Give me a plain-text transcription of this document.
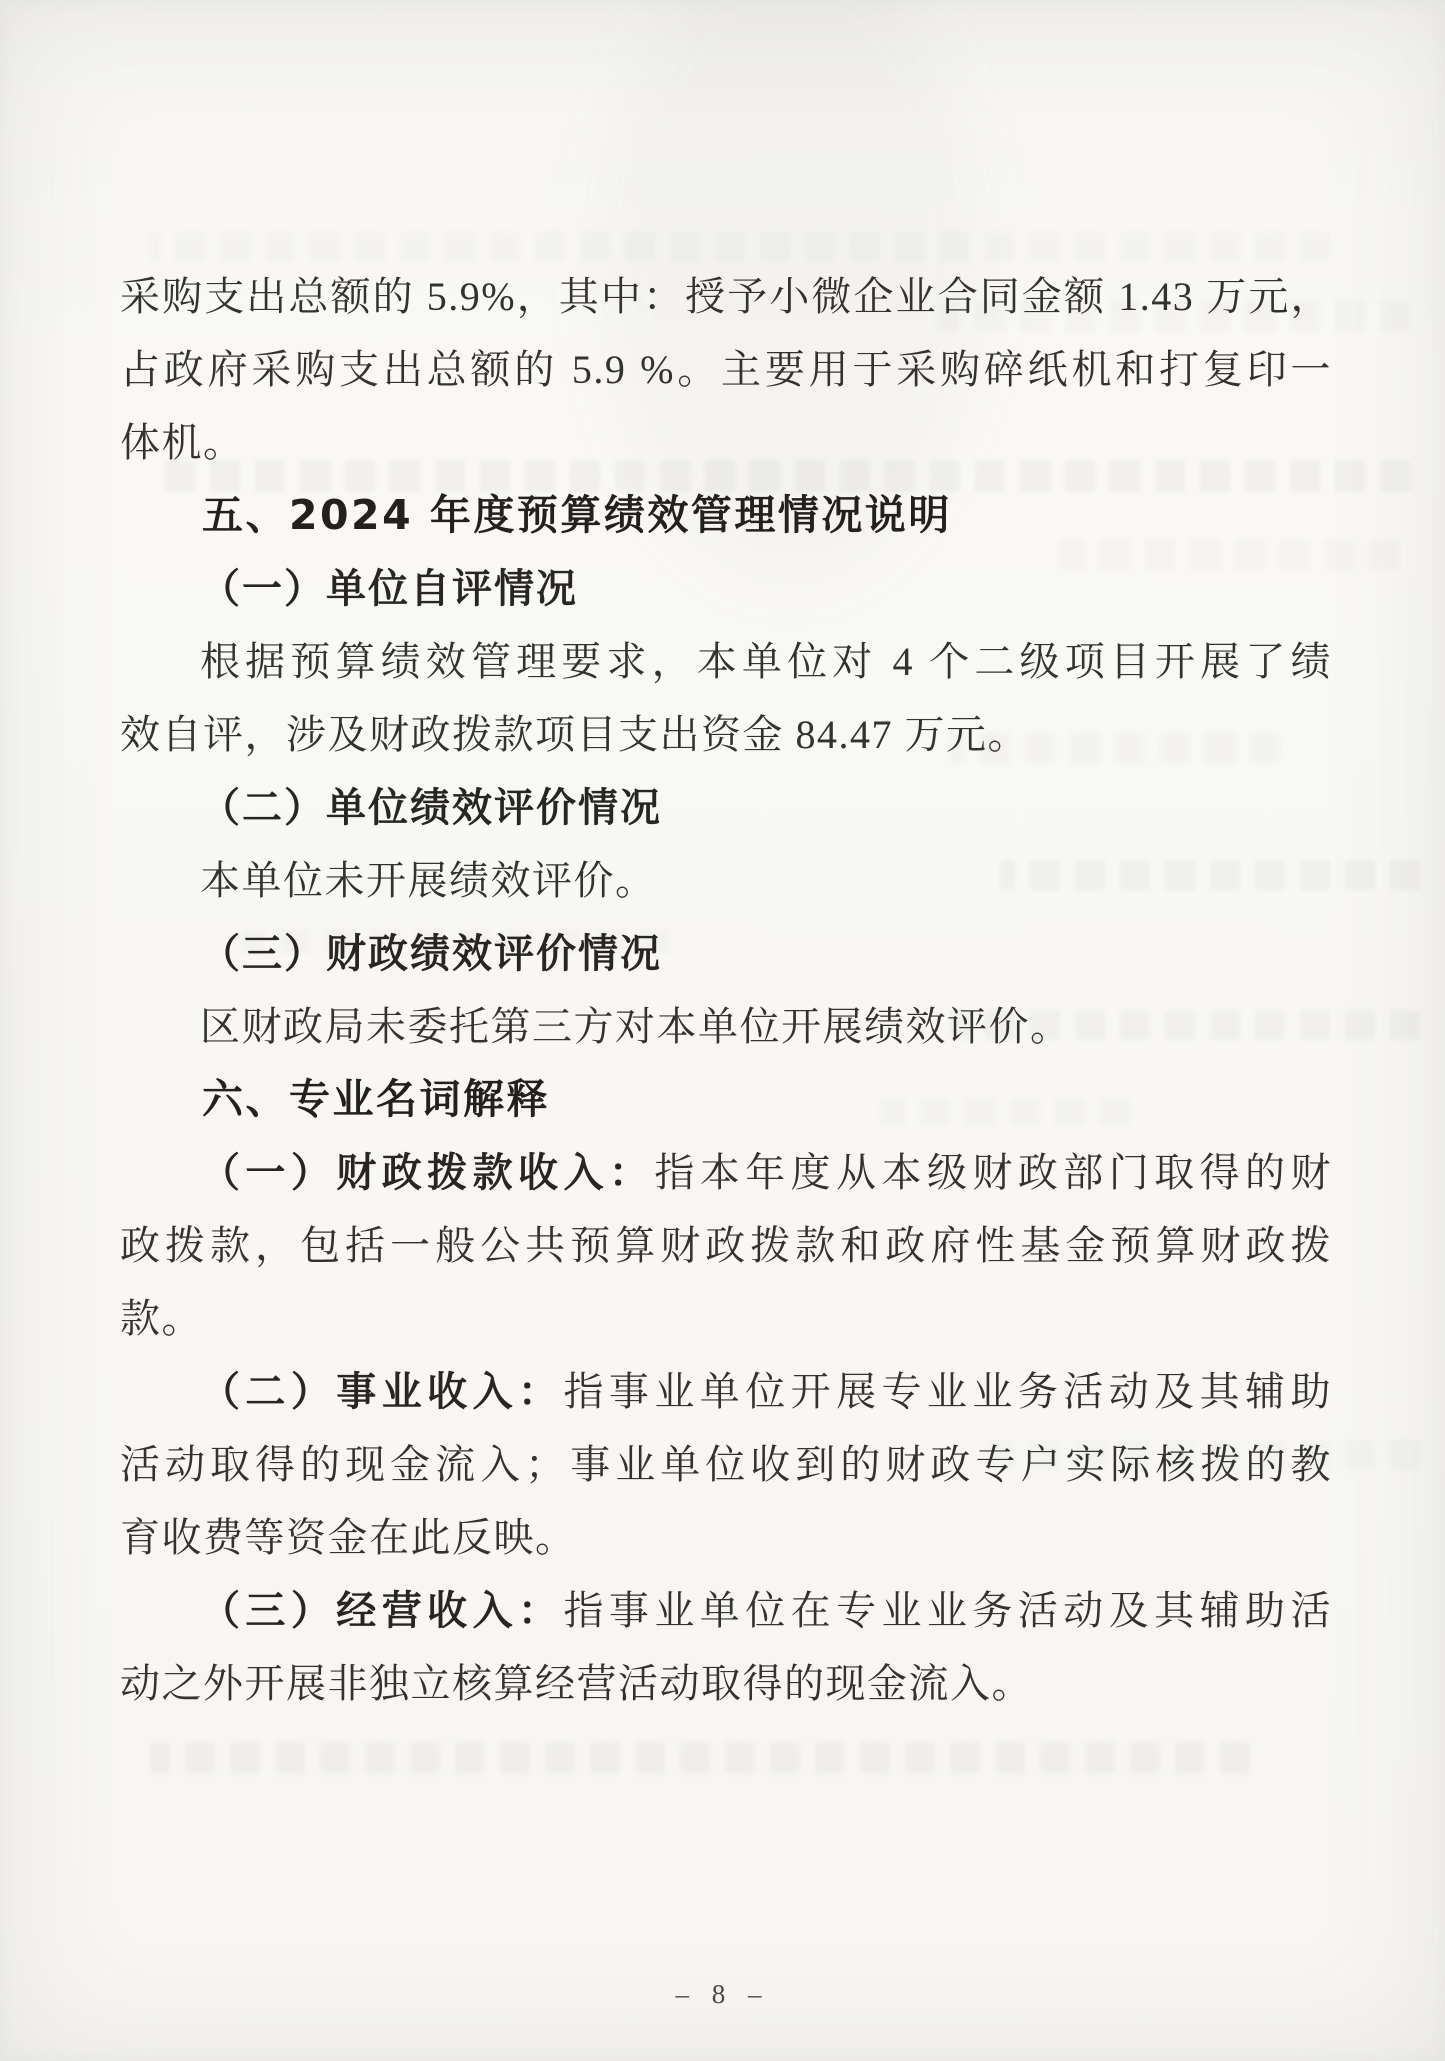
采购支出总额的 5.9%，其中：授予小微企业合同金额 1.43 万元，
占政府采购支出总额的 5.9 %。主要用于采购碎纸机和打复印一
体机。
五、2024 年度预算绩效管理情况说明
（一）单位自评情况
根据预算绩效管理要求，本单位对 4 个二级项目开展了绩
效自评，涉及财政拨款项目支出资金 84.47 万元。
（二）单位绩效评价情况
本单位未开展绩效评价。
（三）财政绩效评价情况
区财政局未委托第三方对本单位开展绩效评价。
六、专业名词解释
（一）财政拨款收入：指本年度从本级财政部门取得的财
政拨款，包括一般公共预算财政拨款和政府性基金预算财政拨
款。
（二）事业收入：指事业单位开展专业业务活动及其辅助
活动取得的现金流入；事业单位收到的财政专户实际核拨的教
育收费等资金在此反映。
（三）经营收入：指事业单位在专业业务活动及其辅助活
动之外开展非独立核算经营活动取得的现金流入。
– 8 –
